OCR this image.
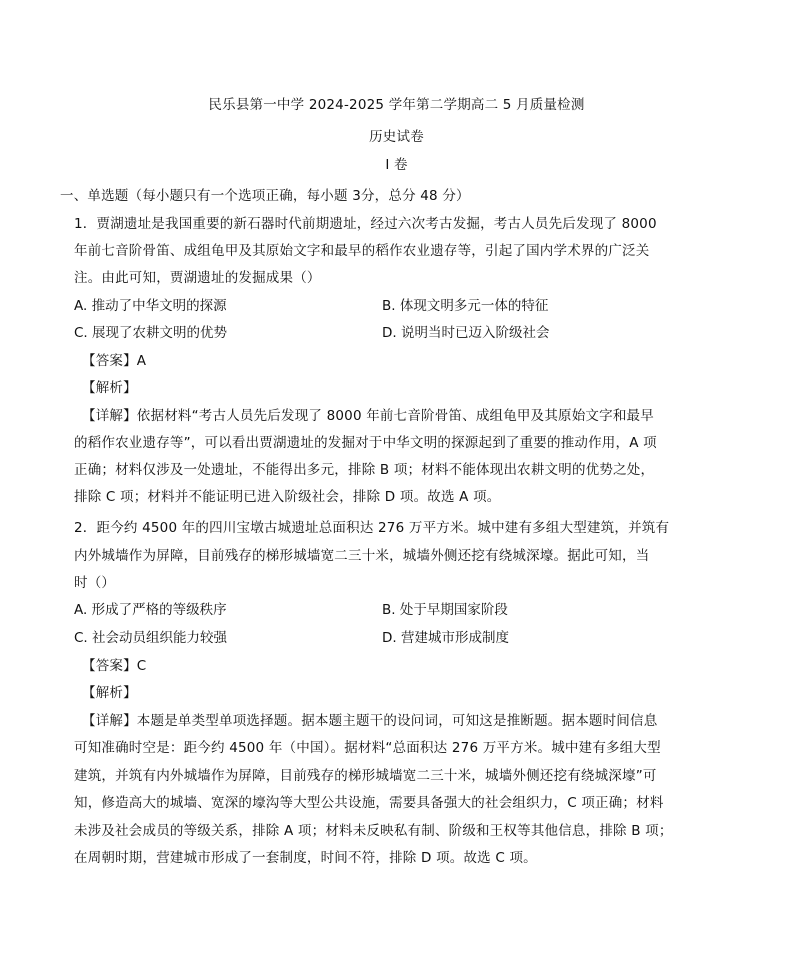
民乐县第一中学 2024-2025 学年第二学期高二 5 月质量检测
历史试卷
I 卷
一、单选题（每小题只有一个选项正确，每小题 3分，总分 48 分）
1．贾湖遗址是我国重要的新石器时代前期遗址，经过六次考古发掘，考古人员先后发现了 8000
年前七音阶骨笛、成组龟甲及其原始文字和最早的稻作农业遗存等，引起了国内学术界的广泛关
注。由此可知，贾湖遗址的发掘成果（）
A. 推动了中华文明的探源	B. 体现文明多元一体的特征
C. 展现了农耕文明的优势	D. 说明当时已迈入阶级社会
【答案】A
【解析】
【详解】依据材料“考古人员先后发现了 8000 年前七音阶骨笛、成组龟甲及其原始文字和最早
的稻作农业遗存等”，可以看出贾湖遗址的发掘对于中华文明的探源起到了重要的推动作用，A 项
正确；材料仅涉及一处遗址，不能得出多元，排除 B 项；材料不能体现出农耕文明的优势之处，
排除 C 项；材料并不能证明已进入阶级社会，排除 D 项。故选 A 项。
2．距今约 4500 年的四川宝墩古城遗址总面积达 276 万平方米。城中建有多组大型建筑，并筑有
内外城墙作为屏障，目前残存的梯形城墙宽二三十米，城墙外侧还挖有绕城深壕。据此可知，当
时（）
A. 形成了严格的等级秩序	B. 处于早期国家阶段
C. 社会动员组织能力较强	D. 营建城市形成制度
【答案】C
【解析】
【详解】本题是单类型单项选择题。据本题主题干的设问词，可知这是推断题。据本题时间信息
可知准确时空是：距今约 4500 年（中国）。据材料“总面积达 276 万平方米。城中建有多组大型
建筑，并筑有内外城墙作为屏障，目前残存的梯形城墙宽二三十米，城墙外侧还挖有绕城深壕”可
知，修造高大的城墙、宽深的壕沟等大型公共设施，需要具备强大的社会组织力，C 项正确；材料
未涉及社会成员的等级关系，排除 A 项；材料未反映私有制、阶级和王权等其他信息，排除 B 项；
在周朝时期，营建城市形成了一套制度，时间不符，排除 D 项。故选 C 项。
